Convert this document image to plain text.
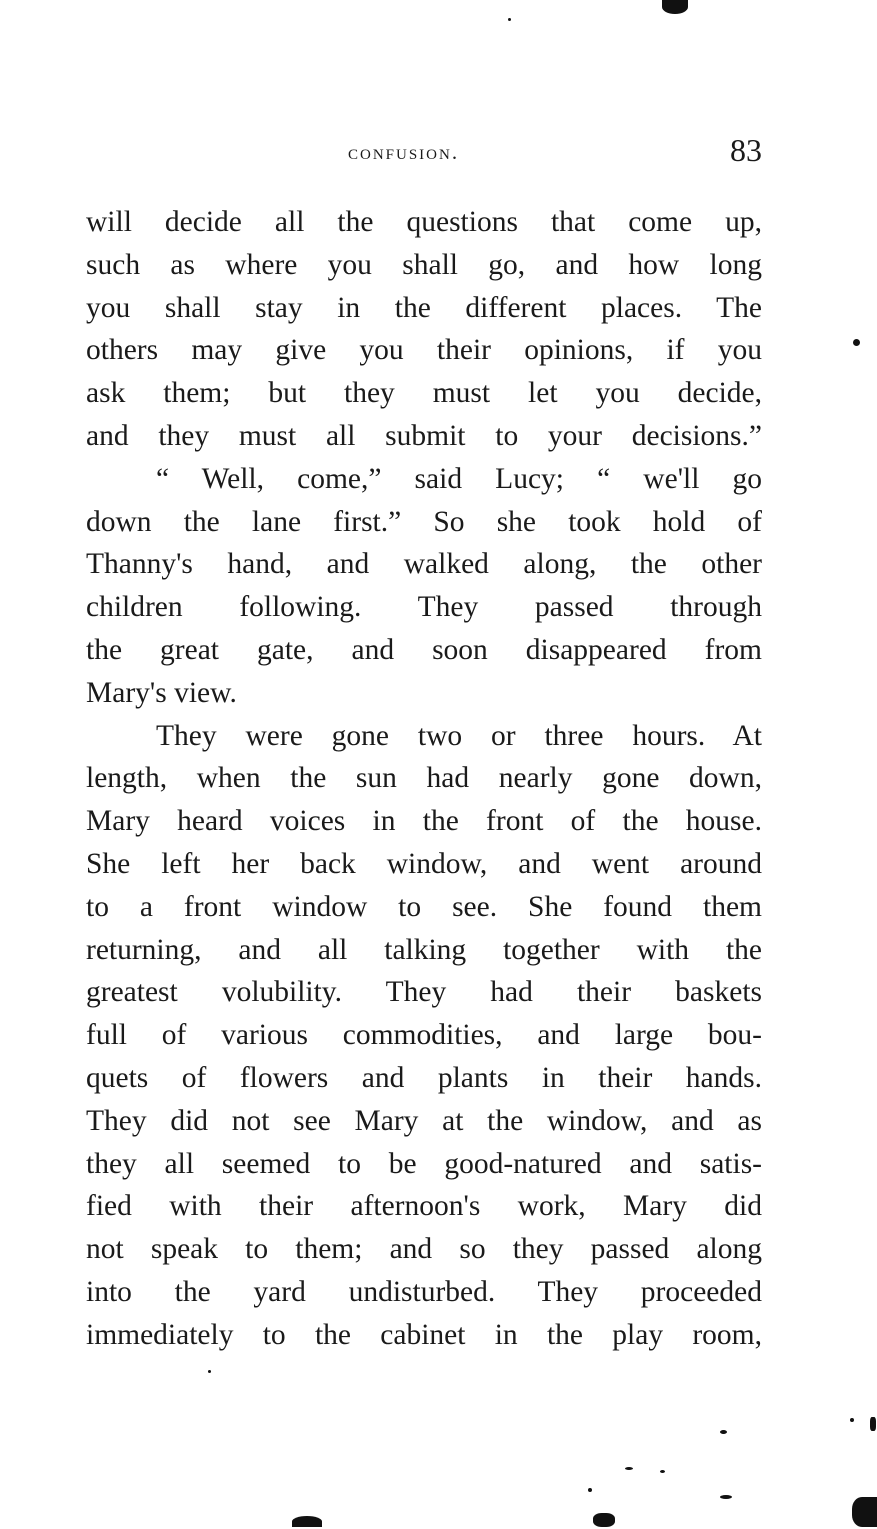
confusion.	83
will decide all the questions that come up,
such as where you shall go, and how long
you shall stay in the different places. The
others may give you their opinions, if you
ask them; but they must let you decide,
and they must all submit to your decisions.”
“ Well, come,” said Lucy; “ we'll go
down the lane first.” So she took hold of
Thanny's hand, and walked along, the other
children following. They passed through
the great gate, and soon disappeared from
Mary's view.
They were gone two or three hours. At
length, when the sun had nearly gone down,
Mary heard voices in the front of the house.
She left her back window, and went around
to a front window to see. She found them
returning, and all talking together with the
greatest volubility. They had their baskets
full of various commodities, and large bou-
quets of flowers and plants in their hands.
They did not see Mary at the window, and as
they all seemed to be good-natured and satis-
fied with their afternoon's work, Mary did
not speak to them; and so they passed along
into the yard undisturbed. They proceeded
immediately to the cabinet in the play room,
